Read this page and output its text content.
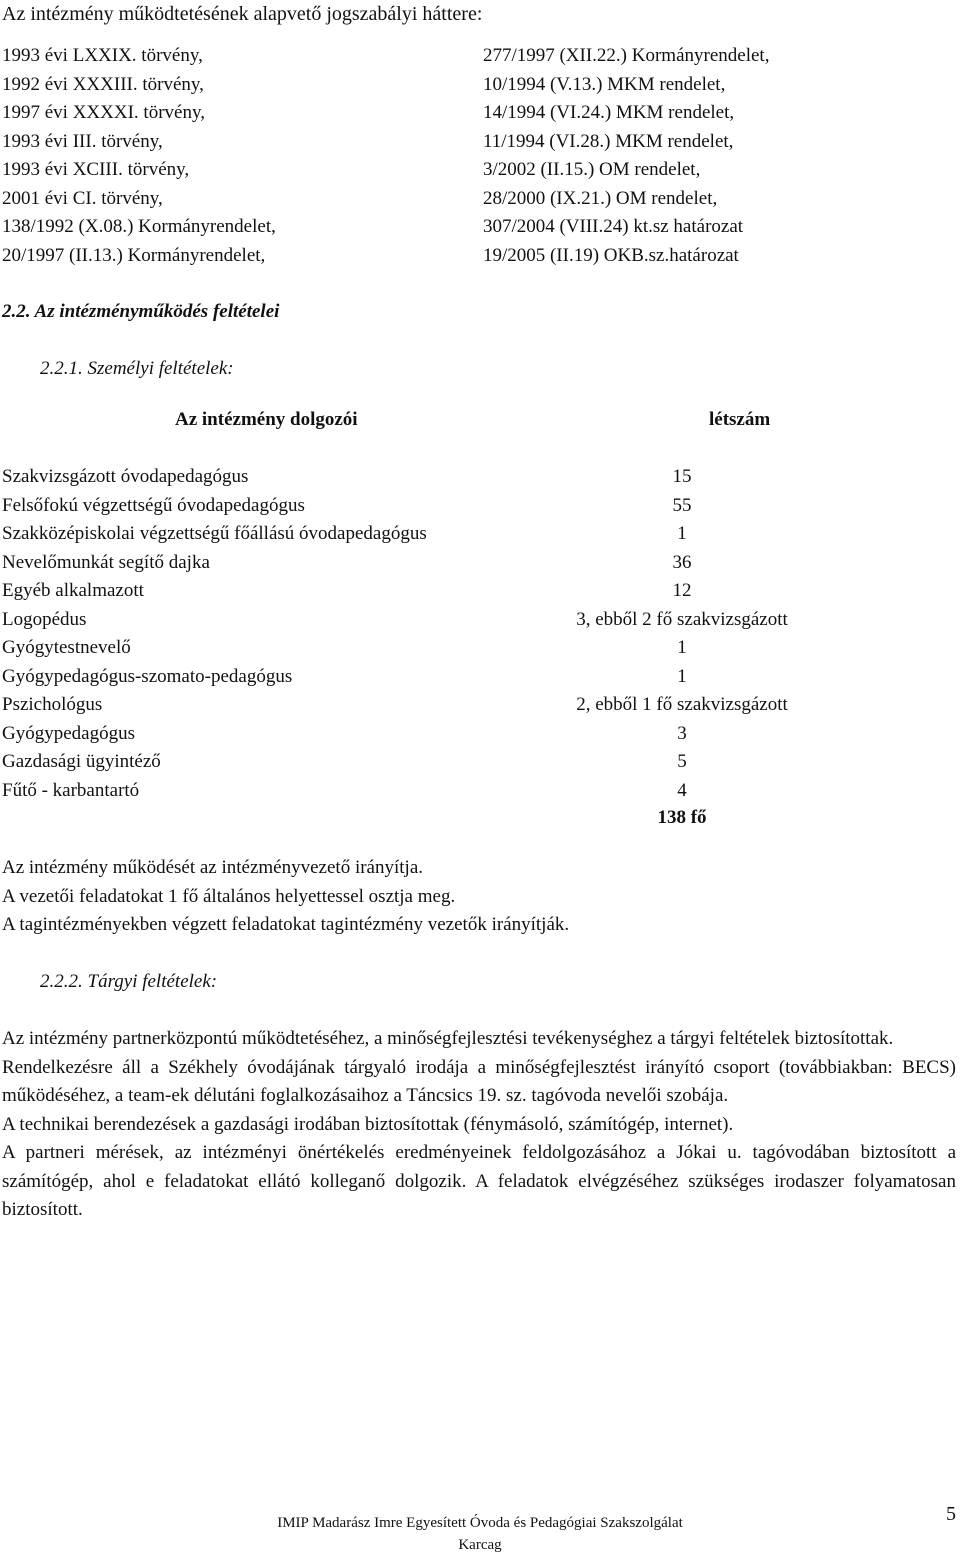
Az intézmény működtetésének alapvető jogszabályi háttere:
1993 évi LXXIX. törvény,	277/1997 (XII.22.) Kormányrendelet,
1992 évi XXXIII. törvény,	10/1994 (V.13.) MKM rendelet,
1997 évi XXXXI. törvény,	14/1994 (VI.24.) MKM rendelet,
1993 évi III. törvény,	11/1994 (VI.28.) MKM rendelet,
1993 évi XCIII. törvény,	3/2002 (II.15.) OM rendelet,
2001 évi CI. törvény,	28/2000 (IX.21.) OM rendelet,
138/1992 (X.08.) Kormányrendelet,	307/2004 (VIII.24) kt.sz határozat
20/1997 (II.13.) Kormányrendelet,	19/2005 (II.19) OKB.sz.határozat
2.2. Az intézményműködés feltételei
2.2.1. Személyi feltételek:
Az intézmény dolgozói	létszám
Szakvizsgázott óvodapedagógus	15
Felsőfokú végzettségű óvodapedagógus	55
Szakközépiskolai végzettségű főállású óvodapedagógus	1
Nevelőmunkát segítő dajka	36
Egyéb alkalmazott	12
Logopédus	3, ebből 2 fő szakvizsgázott
Gyógytestnevelő	1
Gyógypedagógus-szomato-pedagógus	1
Pszichológus	2, ebből 1 fő szakvizsgázott
Gyógypedagógus	3
Gazdasági ügyintéző	5
Fűtő - karbantartó	4
138 fő
Az intézmény működését az intézményvezető irányítja.
A vezetői feladatokat 1 fő általános helyettessel osztja meg.
A tagintézményekben végzett feladatokat tagintézmény vezetők irányítják.
2.2.2. Tárgyi feltételek:

Az intézmény partnerközpontú működtetéséhez, a minőségfejlesztési tevékenységhez a tárgyi feltételek biztosítottak.

Rendelkezésre áll a Székhely óvodájának tárgyaló irodája a minőségfejlesztést irányító csoport (továbbiakban: BECS) működéséhez, a team-ek délutáni foglalkozásaihoz a Táncsics 19. sz. tagóvoda nevelői szobája.

A technikai berendezések a gazdasági irodában biztosítottak (fénymásoló, számítógép, internet).

A partneri mérések, az intézményi önértékelés eredményeinek feldolgozásához a Jókai u. tagóvodában biztosított a számítógép, ahol e feladatokat ellátó kolleganő dolgozik. A feladatok elvégzéséhez szükséges irodaszer folyamatosan biztosított.

5
IMIP Madarász Imre Egyesített Óvoda és Pedagógiai Szakszolgálat
Karcag
